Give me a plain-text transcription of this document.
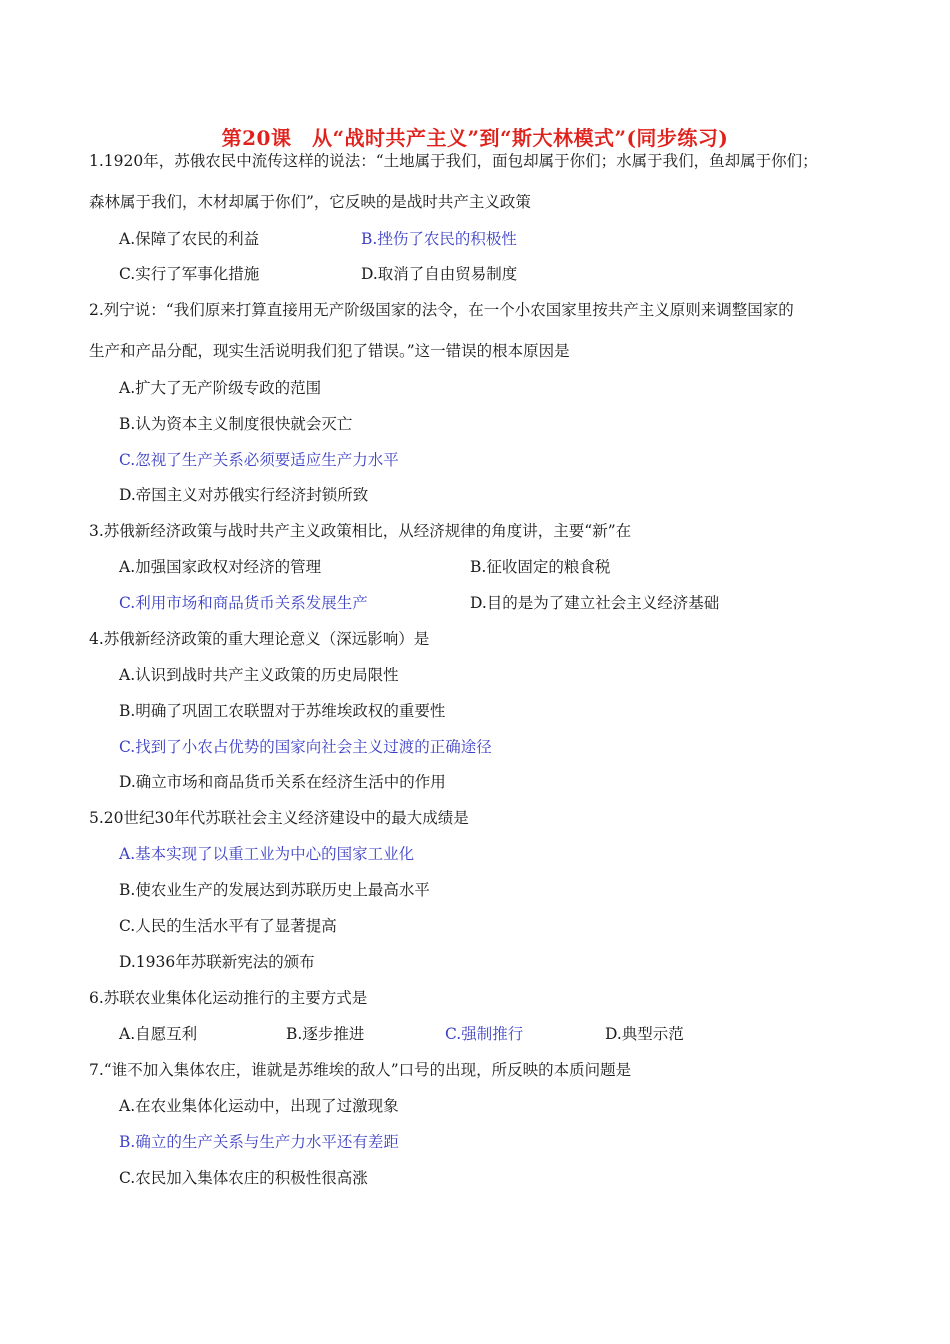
第20课　从“战时共产主义”到“斯大林模式”(同步练习)
1.1920年，苏俄农民中流传这样的说法：“土地属于我们，面包却属于你们；水属于我们，鱼却属于你们；
森林属于我们，木材却属于你们”，它反映的是战时共产主义政策
A.保障了农民的利益	B.挫伤了农民的积极性
C.实行了军事化措施	D.取消了自由贸易制度
2.列宁说：“我们原来打算直接用无产阶级国家的法令，在一个小农国家里按共产主义原则来调整国家的
生产和产品分配，现实生活说明我们犯了错误。”这一错误的根本原因是
A.扩大了无产阶级专政的范围
B.认为资本主义制度很快就会灭亡
C.忽视了生产关系必须要适应生产力水平
D.帝国主义对苏俄实行经济封锁所致
3.苏俄新经济政策与战时共产主义政策相比，从经济规律的角度讲，主要“新”在
A.加强国家政权对经济的管理	B.征收固定的粮食税
C.利用市场和商品货币关系发展生产	D.目的是为了建立社会主义经济基础
4.苏俄新经济政策的重大理论意义（深远影响）是
A.认识到战时共产主义政策的历史局限性
B.明确了巩固工农联盟对于苏维埃政权的重要性
C.找到了小农占优势的国家向社会主义过渡的正确途径
D.确立市场和商品货币关系在经济生活中的作用
5.20世纪30年代苏联社会主义经济建设中的最大成绩是
A.基本实现了以重工业为中心的国家工业化
B.使农业生产的发展达到苏联历史上最高水平
C.人民的生活水平有了显著提高
D.1936年苏联新宪法的颁布
6.苏联农业集体化运动推行的主要方式是
A.自愿互利	B.逐步推进	C.强制推行	D.典型示范
7.“谁不加入集体农庄，谁就是苏维埃的敌人”口号的出现，所反映的本质问题是
A.在农业集体化运动中，出现了过激现象
B.确立的生产关系与生产力水平还有差距
C.农民加入集体农庄的积极性很高涨
